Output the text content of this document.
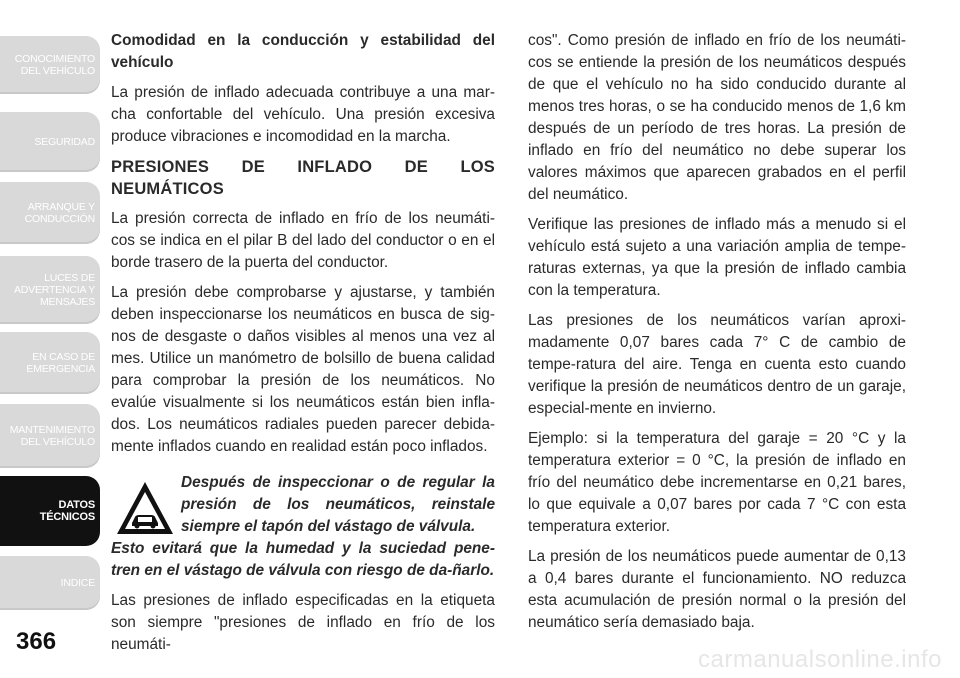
CONOCIMIENTO
DEL VEHÍCULO
SEGURIDAD
ARRANQUE Y
CONDUCCIÓN
LUCES DE
ADVERTENCIA Y
MENSAJES
EN CASO DE
EMERGENCIA
MANTENIMIENTO
DEL VEHÍCULO
DATOS
TÉCNICOS
INDICE
366

Comodidad en la conducción y estabilidad del vehículo

La presión de inflado adecuada contribuye a una mar-cha confortable del vehículo. Una presión excesiva produce vibraciones e incomodidad en la marcha.

PRESIONES DE INFLADO DE LOS NEUMÁTICOS

La presión correcta de inflado en frío de los neumáti-cos se indica en el pilar B del lado del conductor o en el borde trasero de la puerta del conductor.

La presión debe comprobarse y ajustarse, y también deben inspeccionarse los neumáticos en busca de sig-nos de desgaste o daños visibles al menos una vez al mes. Utilice un manómetro de bolsillo de buena calidad para comprobar la presión de los neumáticos. No evalúe visualmente si los neumáticos están bien infla-dos. Los neumáticos radiales pueden parecer debida-mente inflados cuando en realidad están poco inflados.

Después de inspeccionar o de regular la presión de los neumáticos, reinstale siempre el tapón del vástago de válvula.
Esto evitará que la humedad y la suciedad pene-tren en el vástago de válvula con riesgo de da-ñarlo.

Las presiones de inflado especificadas en la etiqueta son siempre "presiones de inflado en frío de los neumáti-

cos". Como presión de inflado en frío de los neumáti-cos se entiende la presión de los neumáticos después de que el vehículo no ha sido conducido durante al menos tres horas, o se ha conducido menos de 1,6 km después de un período de tres horas. La presión de inflado en frío del neumático no debe superar los valores máximos que aparecen grabados en el perfil del neumático.

Verifique las presiones de inflado más a menudo si el vehículo está sujeto a una variación amplia de tempe-raturas externas, ya que la presión de inflado cambia con la temperatura.

Las presiones de los neumáticos varían aproxi-madamente 0,07 bares cada 7° C de cambio de tempe-ratura del aire. Tenga en cuenta esto cuando verifique la presión de neumáticos dentro de un garaje, especial-mente en invierno.

Ejemplo: si la temperatura del garaje = 20 °C y la temperatura exterior = 0 °C, la presión de inflado en frío del neumático debe incrementarse en 0,21 bares, lo que equivale a 0,07 bares por cada 7 °C con esta temperatura exterior.

La presión de los neumáticos puede aumentar de 0,13 a 0,4 bares durante el funcionamiento. NO reduzca esta acumulación de presión normal o la presión del neumático sería demasiado baja.

carmanualsonline.info
